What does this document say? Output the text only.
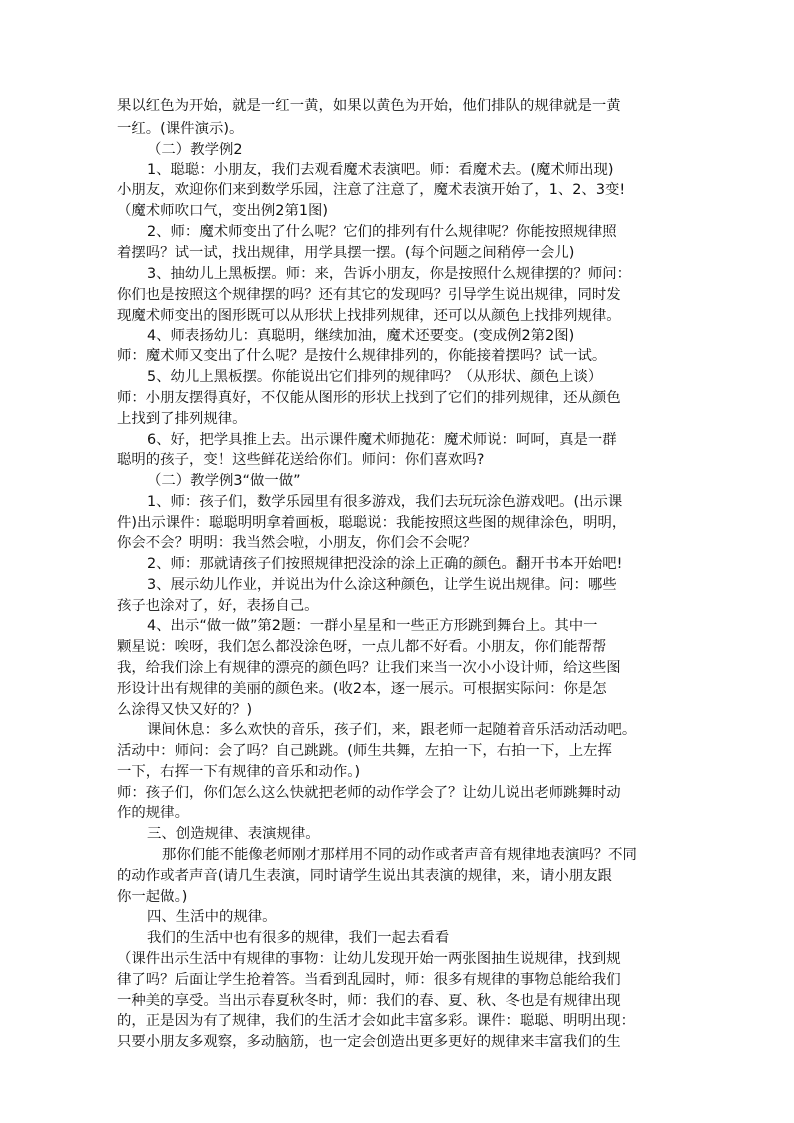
果以红色为开始，就是一红一黄，如果以黄色为开始，他们排队的规律就是一黄
一红。(课件演示)。
（二）教学例2
1、聪聪：小朋友，我们去观看魔术表演吧。师：看魔术去。(魔术师出现)
小朋友，欢迎你们来到数学乐园，注意了注意了，魔术表演开始了，1、2、3变!
（魔术师吹口气，变出例2第1图)
2、师：魔术师变出了什么呢？它们的排列有什么规律呢？你能按照规律照
着摆吗？试一试，找出规律，用学具摆一摆。(每个问题之间稍停一会儿)
3、抽幼儿上黑板摆。师：来，告诉小朋友，你是按照什么规律摆的？师问：
你们也是按照这个规律摆的吗？还有其它的发现吗？引导学生说出规律，同时发
现魔术师变出的图形既可以从形状上找排列规律，还可以从颜色上找排列规律。
4、师表扬幼儿：真聪明，继续加油，魔术还要变。(变成例2第2图)
师：魔术师又变出了什么呢？是按什么规律排列的，你能接着摆吗？试一试。
5、幼儿上黑板摆。你能说出它们排列的规律吗？（从形状、颜色上谈）
师：小朋友摆得真好，不仅能从图形的形状上找到了它们的排列规律，还从颜色
上找到了排列规律。
6、好，把学具推上去。出示课件魔术师抛花：魔术师说：呵呵，真是一群
聪明的孩子，变！这些鲜花送给你们。师问：你们喜欢吗?
（二）教学例3“做一做”
1、师：孩子们，数学乐园里有很多游戏，我们去玩玩涂色游戏吧。(出示课
件)出示课件：聪聪明明拿着画板，聪聪说：我能按照这些图的规律涂色，明明，
你会不会？明明：我当然会啦，小朋友，你们会不会呢？
2、师：那就请孩子们按照规律把没涂的涂上正确的颜色。翻开书本开始吧!
3、展示幼儿作业，并说出为什么涂这种颜色，让学生说出规律。问：哪些
孩子也涂对了，好，表扬自己。
4、出示“做一做”第2题：一群小星星和一些正方形跳到舞台上。其中一
颗星说：唉呀，我们怎么都没涂色呀，一点儿都不好看。小朋友，你们能帮帮
我，给我们涂上有规律的漂亮的颜色吗？让我们来当一次小小设计师，给这些图
形设计出有规律的美丽的颜色来。(收2本，逐一展示。可根据实际问：你是怎
么涂得又快又好的？)
课间休息：多么欢快的音乐，孩子们，来，跟老师一起随着音乐活动活动吧。
活动中：师问：会了吗？自己跳跳。(师生共舞，左拍一下，右拍一下，上左挥
一下，右挥一下有规律的音乐和动作。)
师：孩子们，你们怎么这么快就把老师的动作学会了？让幼儿说出老师跳舞时动
作的规律。
三、创造规律、表演规律。
那你们能不能像老师刚才那样用不同的动作或者声音有规律地表演吗？不同
的动作或者声音(请几生表演，同时请学生说出其表演的规律，来，请小朋友跟
你一起做。)
四、生活中的规律。
我们的生活中也有很多的规律，我们一起去看看
（课件出示生活中有规律的事物：让幼儿发现开始一两张图抽生说规律，找到规
律了吗？后面让学生抢着答。当看到乱园时，师：很多有规律的事物总能给我们
一种美的享受。当出示春夏秋冬时，师：我们的春、夏、秋、冬也是有规律出现
的，正是因为有了规律，我们的生活才会如此丰富多彩。课件：聪聪、明明出现：
只要小朋友多观察，多动脑筋，也一定会创造出更多更好的规律来丰富我们的生
